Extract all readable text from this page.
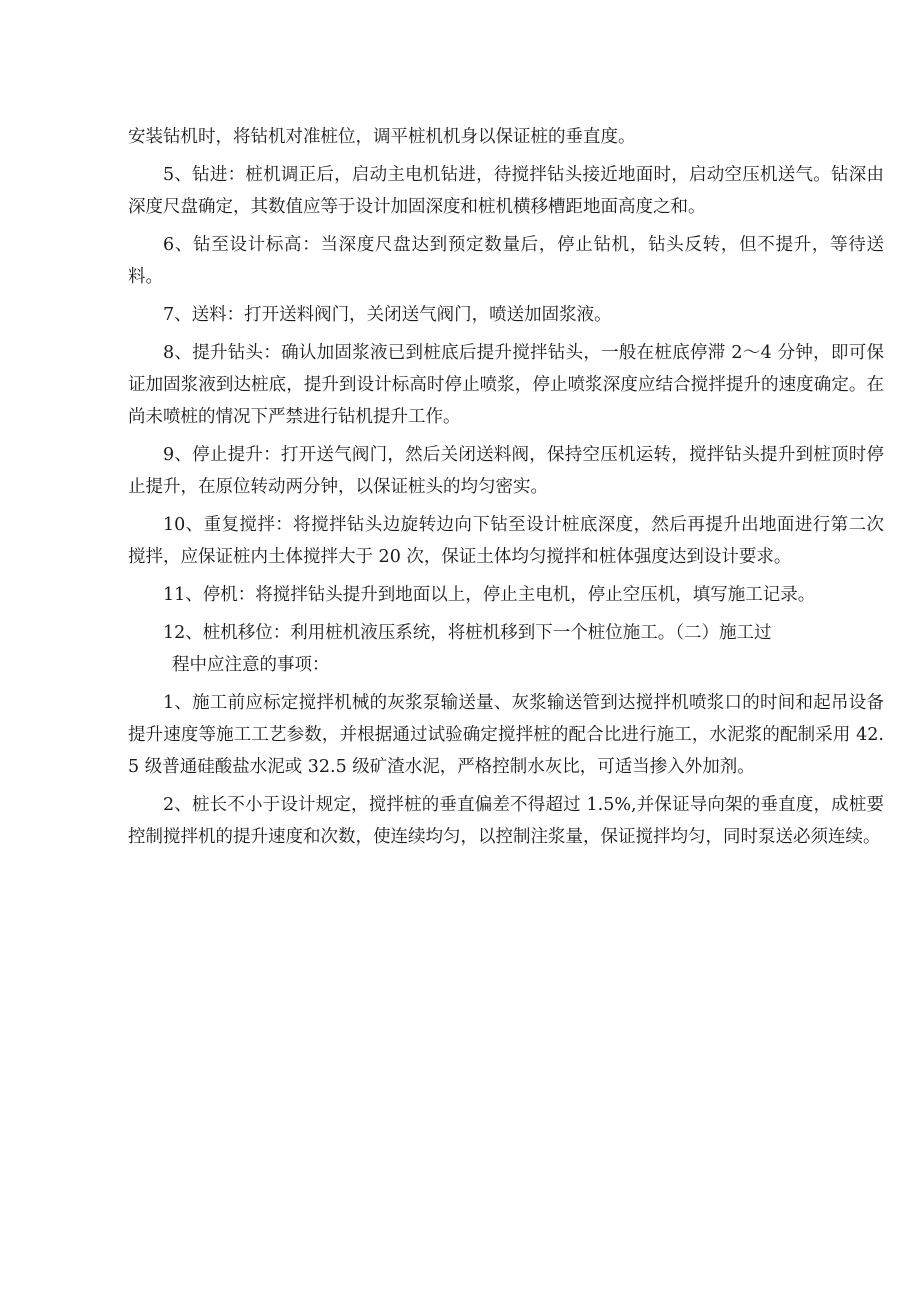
安装钻机时，将钻机对准桩位，调平桩机机身以保证桩的垂直度。

5、钻进：桩机调正后，启动主电机钻进，待搅拌钻头接近地面时，启动空压机送气。钻深由深度尺盘确定，其数值应等于设计加固深度和桩机横移槽距地面高度之和。

6、钻至设计标高：当深度尺盘达到预定数量后，停止钻机，钻头反转，但不提升，等待送料。

7、送料：打开送料阀门，关闭送气阀门，喷送加固浆液。

8、提升钻头：确认加固浆液已到桩底后提升搅拌钻头，一般在桩底停滞 2～4 分钟，即可保证加固浆液到达桩底，提升到设计标高时停止喷浆，停止喷浆深度应结合搅拌提升的速度确定。在尚未喷桩的情况下严禁进行钻机提升工作。

9、停止提升：打开送气阀门，然后关闭送料阀，保持空压机运转，搅拌钻头提升到桩顶时停止提升，在原位转动两分钟，以保证桩头的均匀密实。

10、重复搅拌：将搅拌钻头边旋转边向下钻至设计桩底深度，然后再提升出地面进行第二次搅拌，应保证桩内土体搅拌大于 20 次，保证土体均匀搅拌和桩体强度达到设计要求。

11、停机：将搅拌钻头提升到地面以上，停止主电机，停止空压机，填写施工记录。

12、桩机移位：利用桩机液压系统，将桩机移到下一个桩位施工。（二）施工过

程中应注意的事项：

1、施工前应标定搅拌机械的灰浆泵输送量、灰浆输送管到达搅拌机喷浆口的时间和起吊设备提升速度等施工工艺参数，并根据通过试验确定搅拌桩的配合比进行施工，水泥浆的配制采用 42.5 级普通硅酸盐水泥或 32.5 级矿渣水泥，严格控制水灰比，可适当掺入外加剂。

2、桩长不小于设计规定，搅拌桩的垂直偏差不得超过 1.5%,并保证导向架的垂直度，成桩要控制搅拌机的提升速度和次数，使连续均匀，以控制注浆量，保证搅拌均匀，同时泵送必须连续。
